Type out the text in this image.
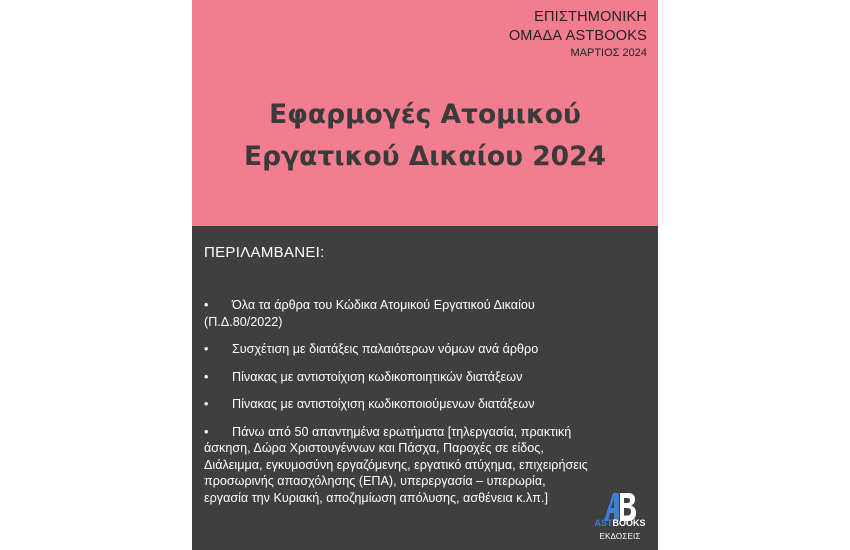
ΕΠΙΣΤΗΜΟΝΙΚΗ
ΟΜΑΔΑ ASTBOOKS
ΜΑΡΤΙΟΣ 2024
Εφαρμογές Ατομικού
Εργατικού Δικαίου 2024
ΠΕΡΙΛΑΜΒΑΝΕΙ:
•	Όλα τα άρθρα του Κώδικα Ατομικού Εργατικού Δικαίου (Π.Δ.80/2022)
•	Συσχέτιση με διατάξεις παλαιότερων νόμων ανά άρθρο
•	Πίνακας με αντιστοίχιση κωδικοποιητικών διατάξεων
•	Πίνακας με αντιστοίχιση κωδικοποιούμενων διατάξεων
•	Πάνω από 50 απαντημένα ερωτήματα [τηλεργασία, πρακτική άσκηση, Δώρα Χριστουγέννων και Πάσχα, Παροχές σε είδος, Διάλειμμα, εγκυμοσύνη εργαζόμενης, εργατικό ατύχημα, επιχειρήσεις προσωρινής απασχόλησης (ΕΠΑ), υπερεργασία – υπερωρία, εργασία την Κυριακή, αποζημίωση απόλυσης, ασθένεια κ.λπ.]
ASTBOOKS
ΕΚΔΟΣΕΙΣ
